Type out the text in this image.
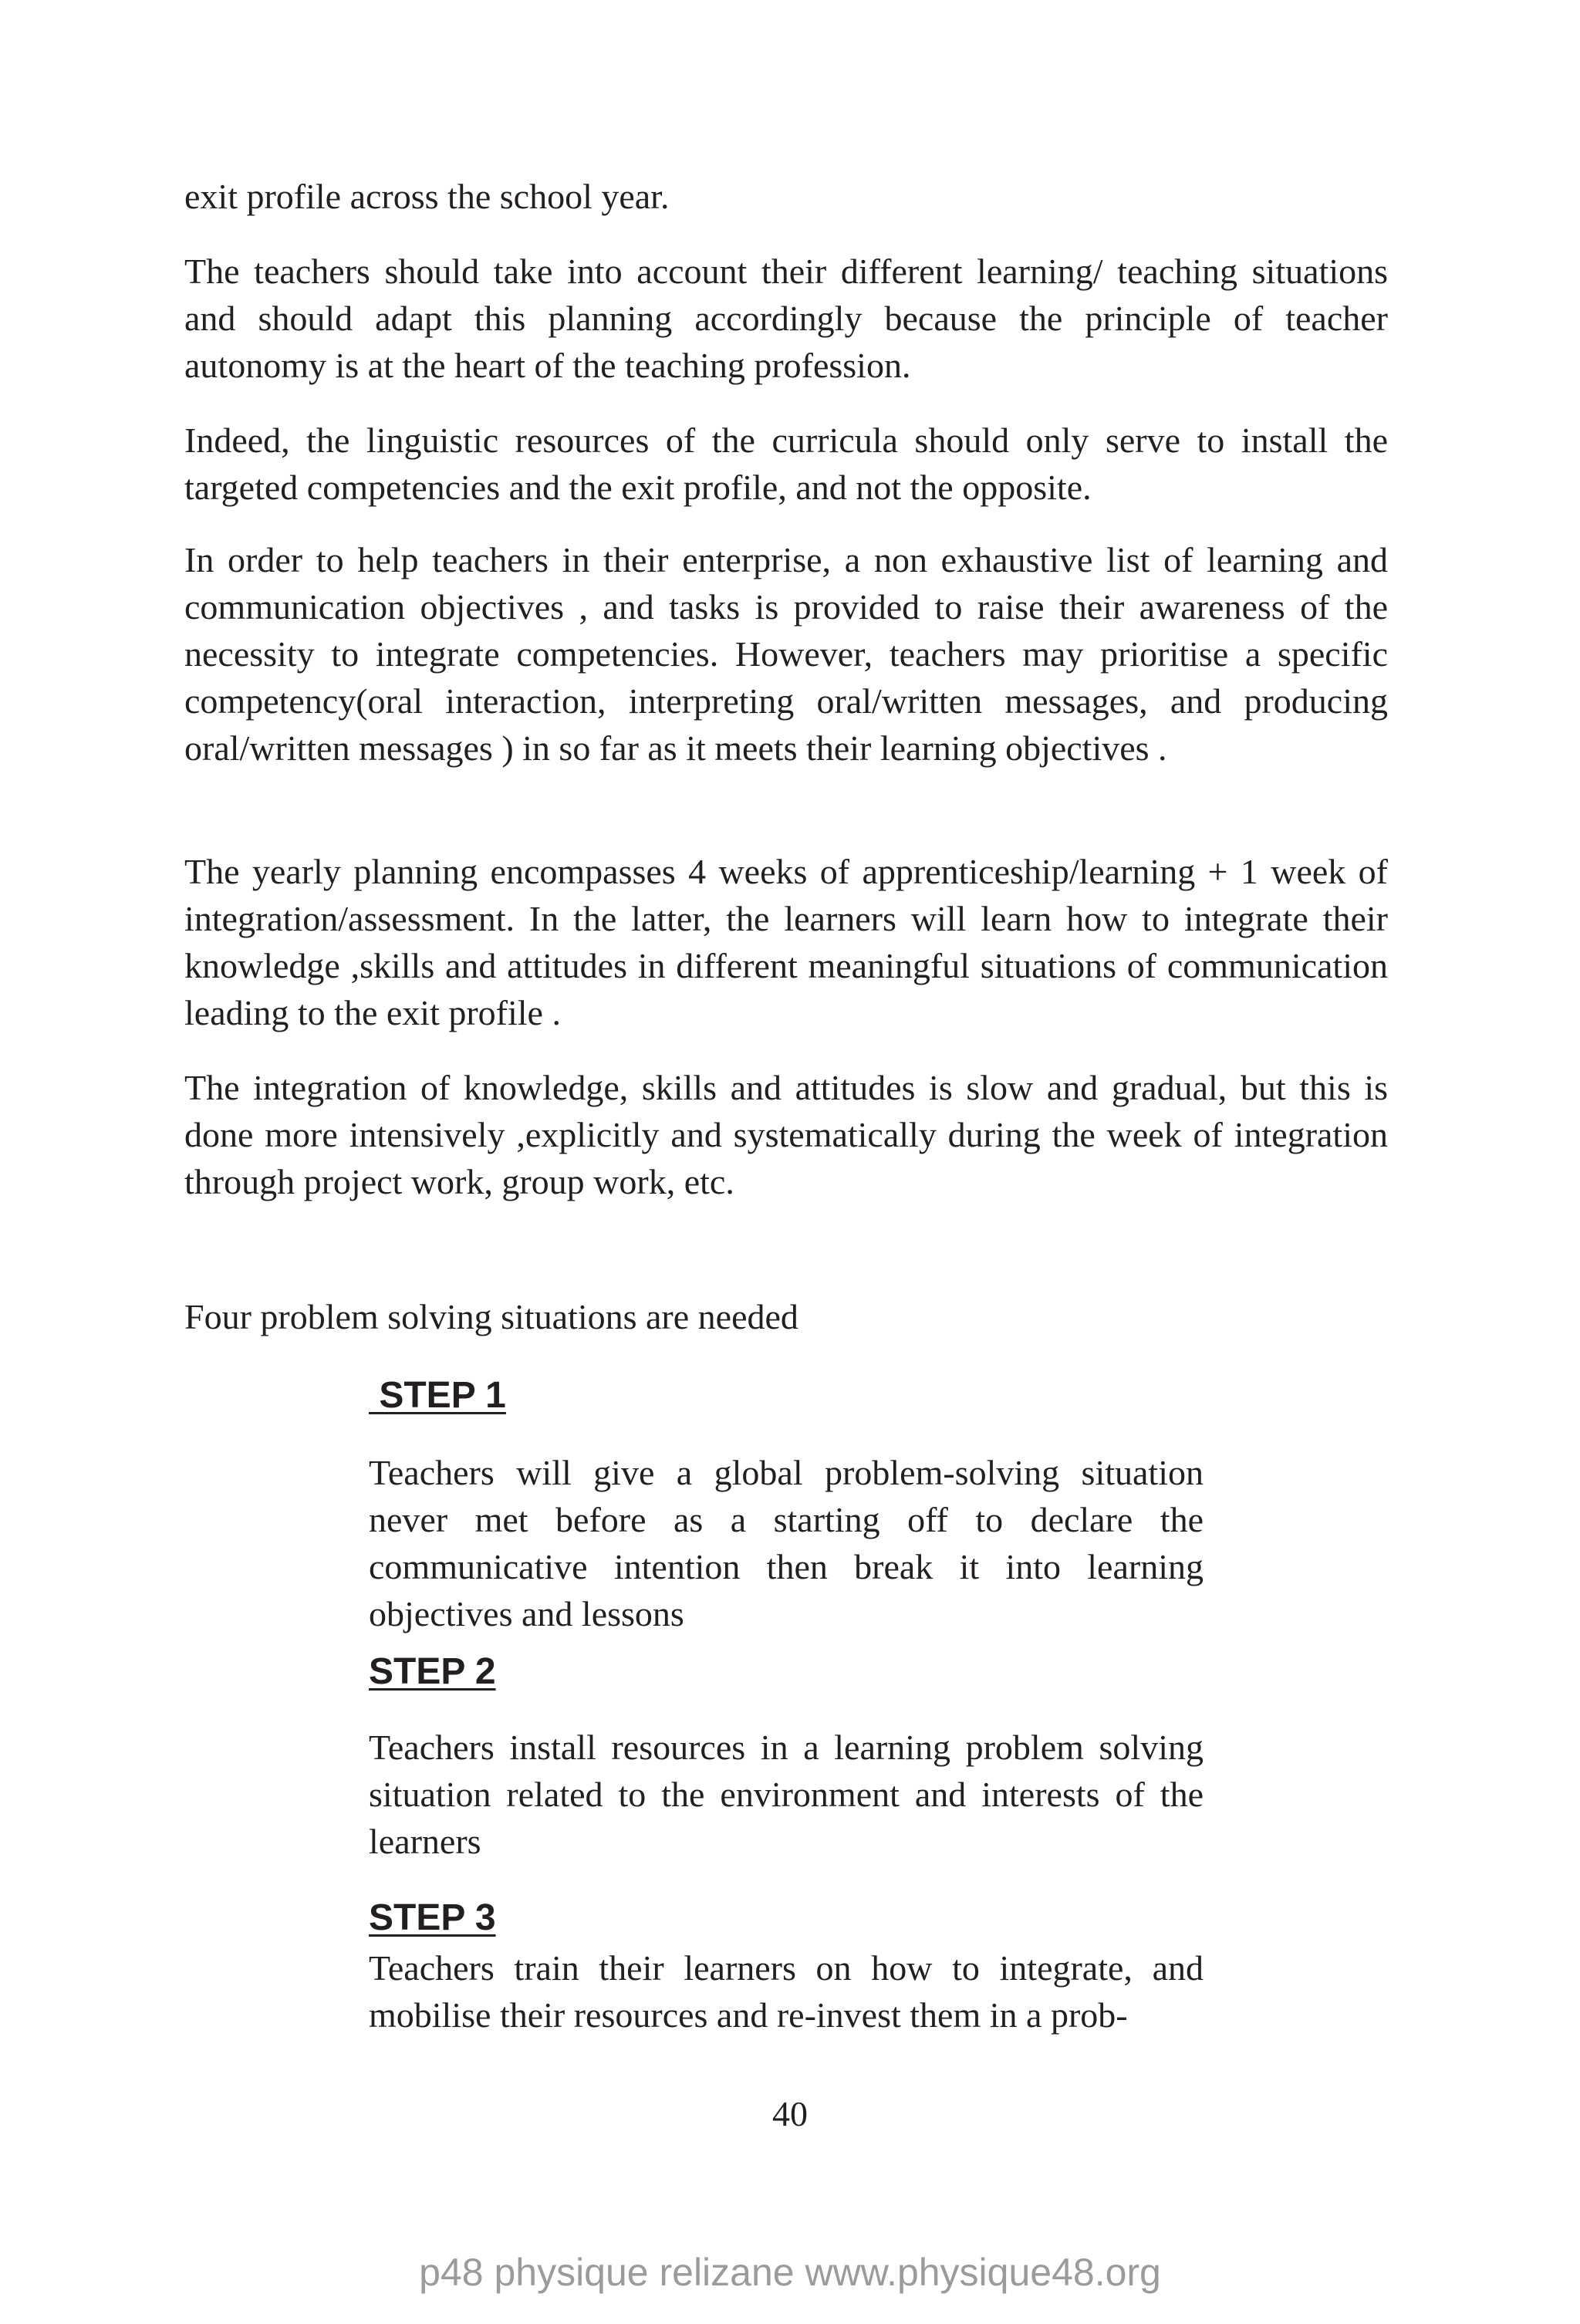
exit profile across the school year.

The teachers should take into account their different learning/ teaching situations and should adapt this planning accordingly because the principle of teacher autonomy is at the heart of the teaching profession.

Indeed, the linguistic resources of the curricula should only serve to install the targeted competencies and the exit profile, and not the opposite.

In order to help teachers in their enterprise, a non exhaustive list of learning and communication objectives , and tasks is provided to raise their awareness of the necessity to integrate competencies. However, teachers may prioritise a specific competency(oral interaction, interpreting oral/written messages, and producing oral/written messages ) in so far as it meets their learning objectives .

The yearly planning encompasses 4 weeks of apprenticeship/learning + 1 week of integration/assessment. In the latter, the learners will learn how to integrate their knowledge ,skills and attitudes in different meaningful situations of communication leading to the exit profile .

The integration of knowledge, skills and attitudes is slow and gradual, but this is done more intensively ,explicitly and systematically during the week of integration through project work, group work, etc.

Four problem solving situations are needed

STEP 1

Teachers will give a global problem-solving situation never met before as a starting off to declare the communicative intention then break it into learning objectives and lessons

STEP 2

Teachers install resources in a learning problem solving situation related to the environment and interests of the learners

STEP 3

Teachers train their learners on how to integrate, and mobilise their resources and re-invest them in a prob-

40
p48 physique relizane www.physique48.org
